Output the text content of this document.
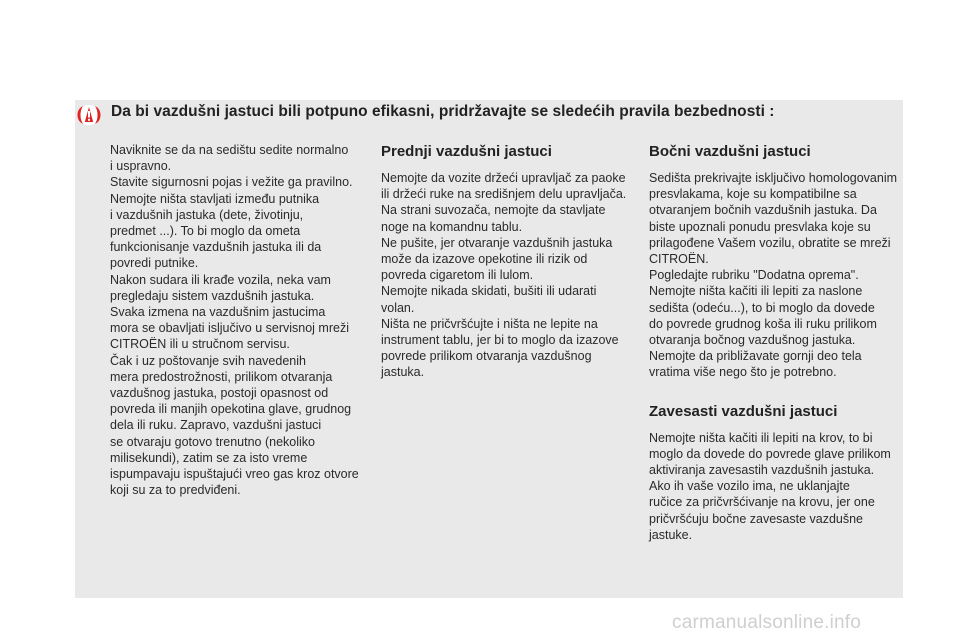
Da bi vazdušni jastuci bili potpuno efikasni, pridržavajte se sledećih pravila bezbednosti :

Naviknite se da na sedištu sedite normalno

i uspravno.

Stavite sigurnosni pojas i vežite ga pravilno.

Nemojte ništa stavljati između putnika

i vazdušnih jastuka (dete, životinju,

predmet ...). To bi moglo da ometa

funkcionisanje vazdušnih jastuka ili da

povredi putnike.

Nakon sudara ili krađe vozila, neka vam

pregledaju sistem vazdušnih jastuka.

Svaka izmena na vazdušnim jastucima

mora se obavljati isljučivo u servisnoj mreži

CITROËN ili u stručnom servisu.

Čak i uz poštovanje svih navedenih

mera predostrožnosti, prilikom otvaranja

vazdušnog jastuka, postoji opasnost od

povreda ili manjih opekotina glave, grudnog

dela ili ruku. Zapravo, vazdušni jastuci

se otvaraju gotovo trenutno (nekoliko

milisekundi), zatim se za isto vreme

ispumpavaju ispuštajući vreo gas kroz otvore

koji su za to predviđeni.

Prednji vazdušni jastuci

Nemojte da vozite držeći upravljač za paoke

ili držeći ruke na središnjem delu upravljača.

Na strani suvozača, nemojte da stavljate

noge na komandnu tablu.

Ne pušite, jer otvaranje vazdušnih jastuka

može da izazove opekotine ili rizik od

povreda cigaretom ili lulom.

Nemojte nikada skidati, bušiti ili udarati

volan.

Ništa ne pričvršćujte i ništa ne lepite na

instrument tablu, jer bi to moglo da izazove

povrede prilikom otvaranja vazdušnog

jastuka.

Bočni vazdušni jastuci

Sedišta prekrivajte isključivo homologovanim

presvlakama, koje su kompatibilne sa

otvaranjem bočnih vazdušnih jastuka. Da

biste upoznali ponudu presvlaka koje su

prilagođene Vašem vozilu, obratite se mreži

CITROËN.

Pogledajte rubriku "Dodatna oprema".

Nemojte ništa kačiti ili lepiti za naslone

sedišta (odeću...), to bi moglo da dovede

do povrede grudnog koša ili ruku prilikom

otvaranja bočnog vazdušnog jastuka.

Nemojte da približavate gornji deo tela

vratima više nego što je potrebno.

Zavesasti vazdušni jastuci

Nemojte ništa kačiti ili lepiti na krov, to bi

moglo da dovede do povrede glave prilikom

aktiviranja zavesastih vazdušnih jastuka.

Ako ih vaše vozilo ima, ne uklanjajte

ručice za pričvršćivanje na krovu, jer one

pričvršćuju bočne zavesaste vazdušne

jastuke.

carmanualsonline.info
